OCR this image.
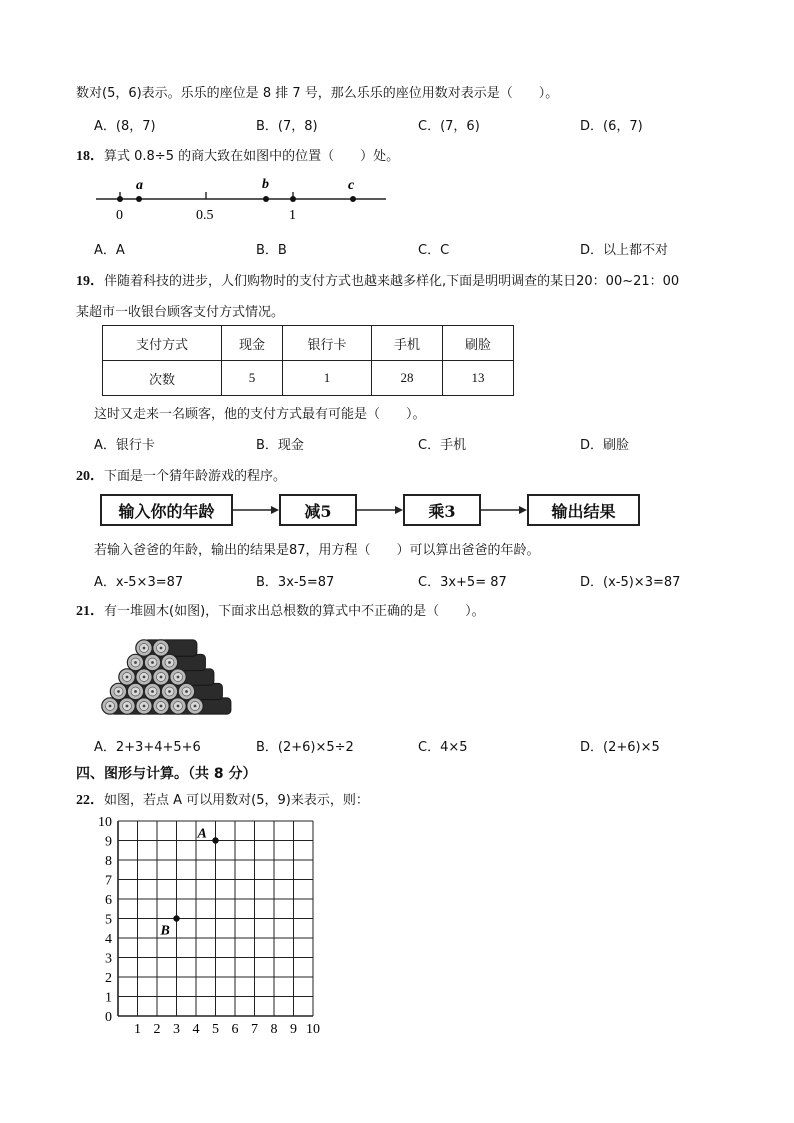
数对(5，6)表示。乐乐的座位是 8 排 7 号，那么乐乐的座位用数对表示是（　　）。
A．(8，7)	B．(7，8)	C．(7，6)	D．(6，7)
18．算式 0.8÷5 的商大致在如图中的位置（　　）处。
a	b	c
0	0.5	1
A．A	B．B	C．C	D．以上都不对
19．伴随着科技的进步，人们购物时的支付方式也越来越多样化,下面是明明调查的某日20：00~21：00
某超市一收银台顾客支付方式情况。
支付方式	现金	银行卡	手机	刷脸
次数	5	1	28	13
这时又走来一名顾客，他的支付方式最有可能是（　　）。
A．银行卡	B．现金	C．手机	D．刷脸
20．下面是一个猜年龄游戏的程序。
输入你的年龄	减5	乘3	输出结果
若输入爸爸的年龄，输出的结果是87，用方程（　　）可以算出爸爸的年龄。
A．x-5×3=87	B．3x-5=87	C．3x+5= 87	D．(x-5)×3=87
21．有一堆圆木(如图)，下面求出总根数的算式中不正确的是（　　）。
A．2+3+4+5+6	B．(2+6)×5÷2	C．4×5	D．(2+6)×5
四、图形与计算。（共 8 分）
22．如图，若点 A 可以用数对(5，9)来表示，则：
10
9
8
7
6
5
4
3
2
1
0
1 2 3 4 5 6 7 8 9 10
A
B
